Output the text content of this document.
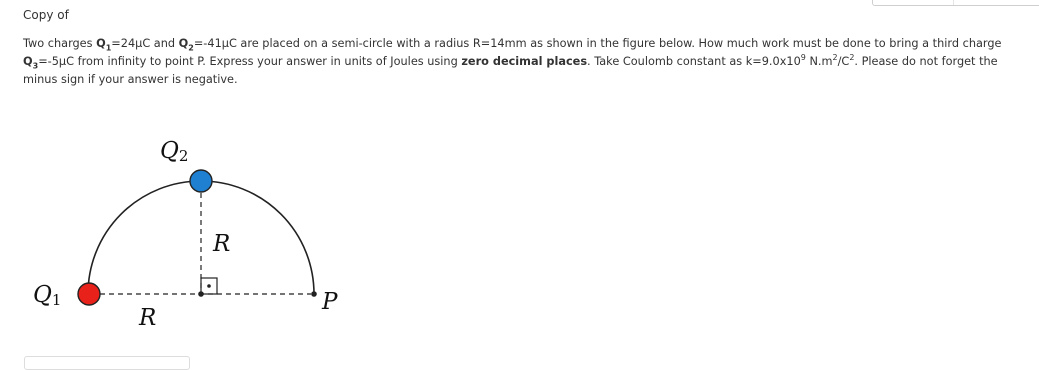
Copy of
Two charges $Q_1=24\mu C$ and $Q_2=-41\mu C$ are placed on a semi-circle with a radius R=14mm as shown in the figure below. How much work must be done to bring a third charge $Q_3=-5\mu C$ from infinity to point P. Express your answer in units of Joules using zero decimal places. Take Coulomb constant as $k=9.0x10^9$ $N.m^2/C^2$. Please do not forget the minus sign if your answer is negative.
Q2
Q1
R
R
P
